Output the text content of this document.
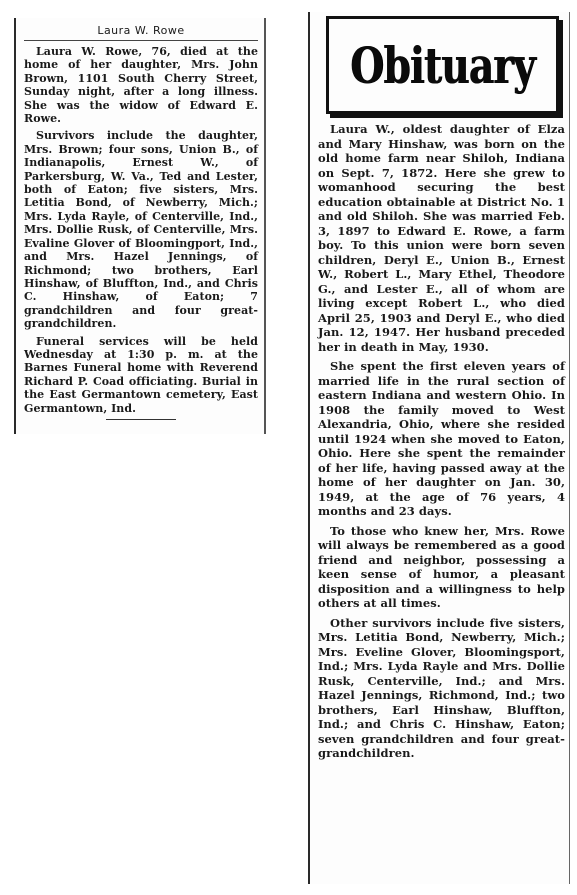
Laura W. Rowe

Laura W. Rowe, 76, died at the home of her daughter, Mrs. John Brown, 1101 South Cherry Street, Sunday night, after a long illness. She was the widow of Edward E. Rowe.

Survivors include the daughter, Mrs. Brown; four sons, Union B., of Indianapolis, Ernest W., of Parkersburg, W. Va., Ted and Lester, both of Eaton; five sisters, Mrs. Letitia Bond, of Newberry, Mich.; Mrs. Lyda Rayle, of Centerville, Ind., Mrs. Dollie Rusk, of Centerville, Mrs. Evaline Glover of Bloomingport, Ind., and Mrs. Hazel Jennings, of Richmond; two brothers, Earl Hinshaw, of Bluffton, Ind., and Chris C. Hinshaw, of Eaton; 7 grandchildren and four great-grandchildren.

Funeral services will be held Wednesday at 1:30 p. m. at the Barnes Funeral home with Reverend Richard P. Coad officiating. Burial in the East Germantown cemetery, East Germantown, Ind.

Obituary

Laura W., oldest daughter of Elza and Mary Hinshaw, was born on the old home farm near Shiloh, Indiana on Sept. 7, 1872. Here she grew to womanhood securing the best education obtainable at District No. 1 and old Shiloh. She was married Feb. 3, 1897 to Edward E. Rowe, a farm boy. To this union were born seven children, Deryl E., Union B., Ernest W., Robert L., Mary Ethel, Theodore G., and Lester E., all of whom are living except Robert L., who died April 25, 1903 and Deryl E., who died Jan. 12, 1947. Her husband preceded her in death in May, 1930.

She spent the first eleven years of married life in the rural section of eastern Indiana and western Ohio. In 1908 the family moved to West Alexandria, Ohio, where she resided until 1924 when she moved to Eaton, Ohio. Here she spent the remainder of her life, having passed away at the home of her daughter on Jan. 30, 1949, at the age of 76 years, 4 months and 23 days.

To those who knew her, Mrs. Rowe will always be remembered as a good friend and neighbor, possessing a keen sense of humor, a pleasant disposition and a willingness to help others at all times.

Other survivors include five sisters, Mrs. Letitia Bond, Newberry, Mich.; Mrs. Eveline Glover, Bloomingsport, Ind.; Mrs. Lyda Rayle and Mrs. Dollie Rusk, Centerville, Ind.; and Mrs. Hazel Jennings, Richmond, Ind.; two brothers, Earl Hinshaw, Bluffton, Ind.; and Chris C. Hinshaw, Eaton; seven grandchildren and four great-grandchildren.
